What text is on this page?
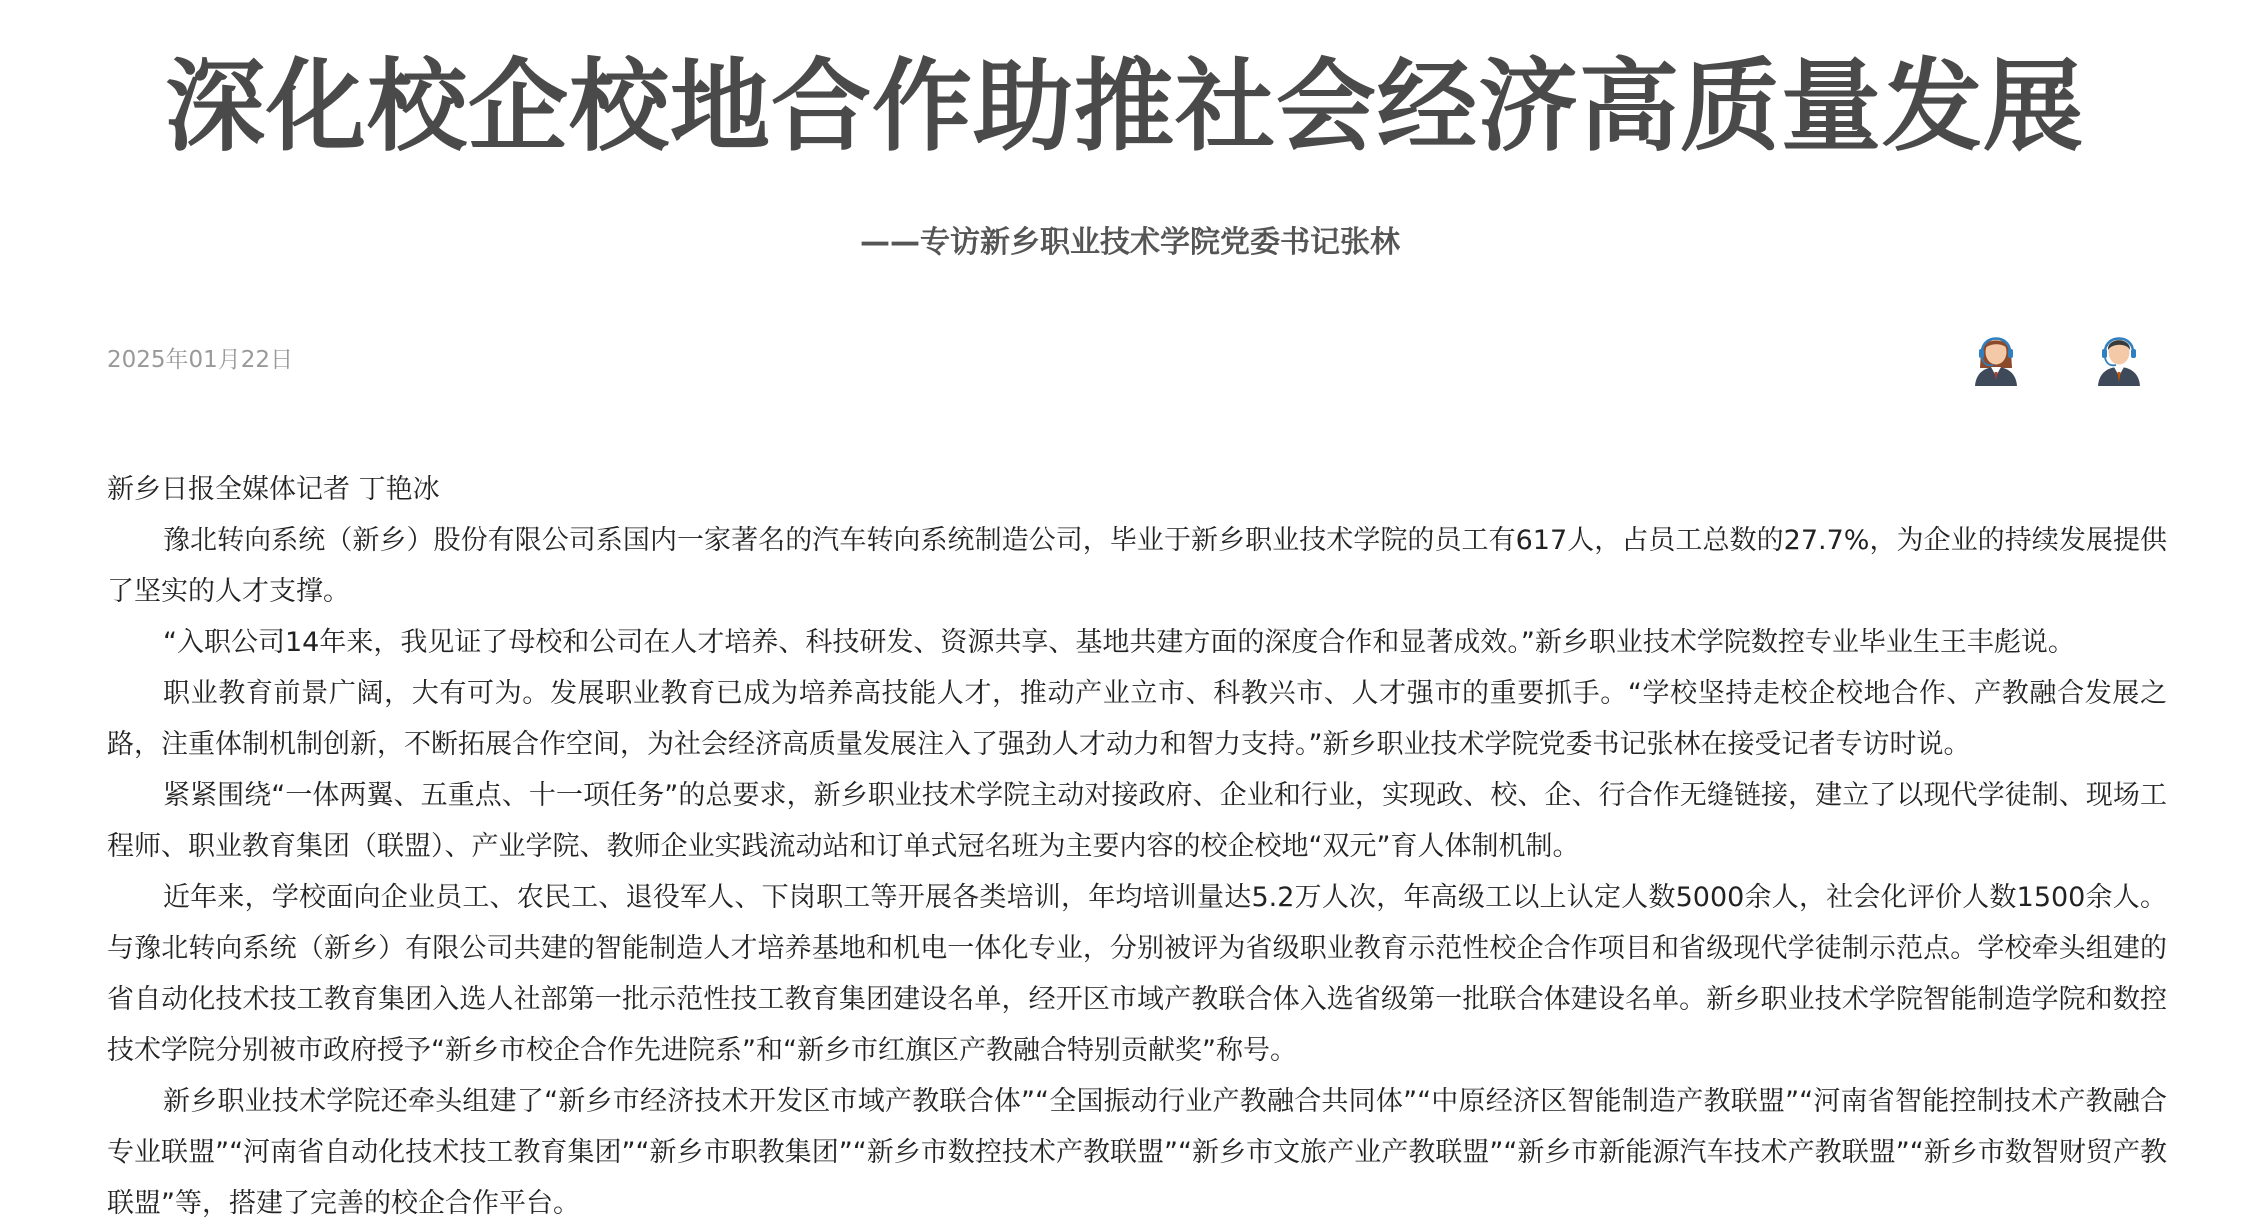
深化校企校地合作助推社会经济高质量发展
——专访新乡职业技术学院党委书记张林
2025年01月22日

新乡日报全媒体记者 丁艳冰

豫北转向系统（新乡）股份有限公司系国内一家著名的汽车转向系统制造公司，毕业于新乡职业技术学院的员工有617人，占员工总数的27.7%，为企业的持续发展提供了坚实的人才支撑。

“入职公司14年来，我见证了母校和公司在人才培养、科技研发、资源共享、基地共建方面的深度合作和显著成效。”新乡职业技术学院数控专业毕业生王丰彪说。

职业教育前景广阔，大有可为。发展职业教育已成为培养高技能人才，推动产业立市、科教兴市、人才强市的重要抓手。“学校坚持走校企校地合作、产教融合发展之路，注重体制机制创新，不断拓展合作空间，为社会经济高质量发展注入了强劲人才动力和智力支持。”新乡职业技术学院党委书记张林在接受记者专访时说。

紧紧围绕“一体两翼、五重点、十一项任务”的总要求，新乡职业技术学院主动对接政府、企业和行业，实现政、校、企、行合作无缝链接，建立了以现代学徒制、现场工程师、职业教育集团（联盟）、产业学院、教师企业实践流动站和订单式冠名班为主要内容的校企校地“双元”育人体制机制。

近年来，学校面向企业员工、农民工、退役军人、下岗职工等开展各类培训，年均培训量达5.2万人次，年高级工以上认定人数5000余人，社会化评价人数1500余人。与豫北转向系统（新乡）有限公司共建的智能制造人才培养基地和机电一体化专业，分别被评为省级职业教育示范性校企合作项目和省级现代学徒制示范点。学校牵头组建的省自动化技术技工教育集团入选人社部第一批示范性技工教育集团建设名单，经开区市域产教联合体入选省级第一批联合体建设名单。新乡职业技术学院智能制造学院和数控技术学院分别被市政府授予“新乡市校企合作先进院系”和“新乡市红旗区产教融合特别贡献奖”称号。

新乡职业技术学院还牵头组建了“新乡市经济技术开发区市域产教联合体”“全国振动行业产教融合共同体”“中原经济区智能制造产教联盟”“河南省智能控制技术产教融合专业联盟”“河南省自动化技术技工教育集团”“新乡市职教集团”“新乡市数控技术产教联盟”“新乡市文旅产业产教联盟”“新乡市新能源汽车技术产教联盟”“新乡市数智财贸产教联盟”等，搭建了完善的校企合作平台。
